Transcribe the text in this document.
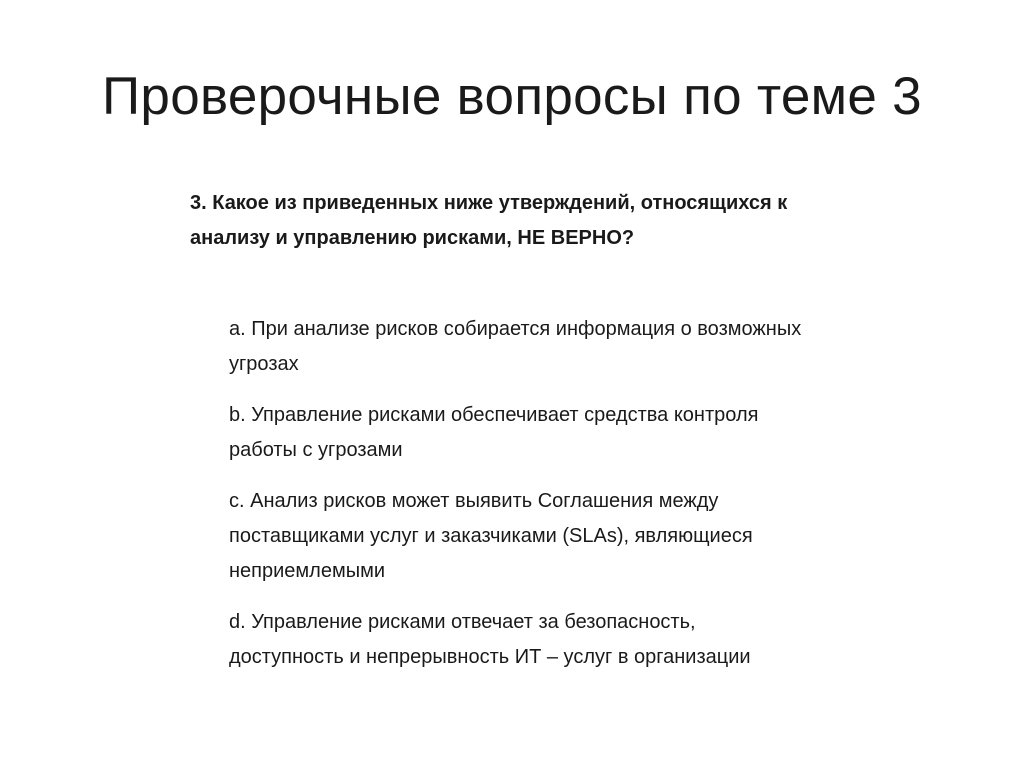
Проверочные вопросы по теме 3

3. Какое из приведенных ниже утверждений, относящихся к анализу и управлению рисками, НЕ ВЕРНО?

a. При анализе рисков собирается информация о возможных угрозах
b. Управление рисками обеспечивает средства контроля работы с угрозами
c. Анализ рисков может выявить Соглашения между поставщиками услуг и заказчиками (SLAs), являющиеся неприемлемыми
d. Управление рисками отвечает за безопасность, доступность и непрерывность ИТ – услуг в организации
